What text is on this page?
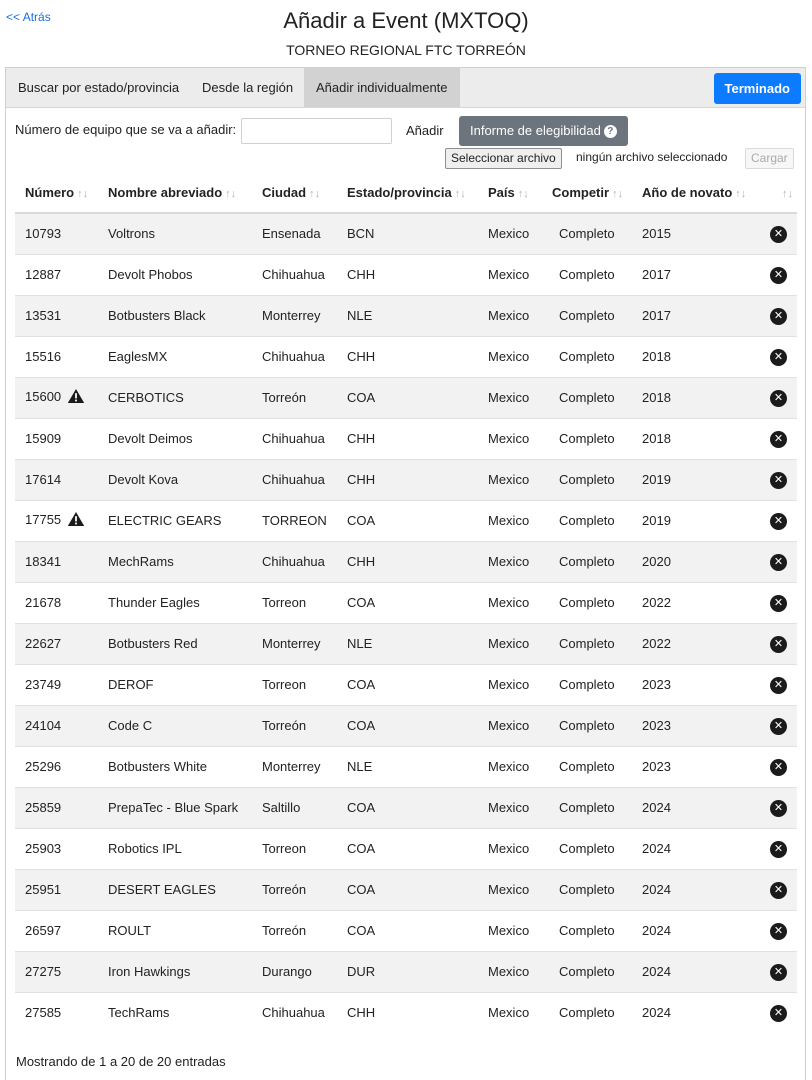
<< Atrás	Añadir a Event (MXTOQ)
TORNEO REGIONAL FTC TORREÓN
Buscar por estado/provincia	Desde la región	Añadir individualmente	Terminado
Número de equipo que se va a añadir:	Añadir	Informe de elegibilidad ?
Seleccionar archivo	ningún archivo seleccionado	Cargar
Número ↑↓	Nombre abreviado ↑↓	Ciudad ↑↓	Estado/provincia ↑↓	País ↑↓	Competir ↑↓	Año de novato ↑↓	↑↓
10793	Voltrons	Ensenada	BCN	Mexico	Completo	2015	✕
12887	Devolt Phobos	Chihuahua	CHH	Mexico	Completo	2017	✕
13531	Botbusters Black	Monterrey	NLE	Mexico	Completo	2017	✕
15516	EaglesMX	Chihuahua	CHH	Mexico	Completo	2018	✕
15600	CERBOTICS	Torreón	COA	Mexico	Completo	2018	✕
15909	Devolt Deimos	Chihuahua	CHH	Mexico	Completo	2018	✕
17614	Devolt Kova	Chihuahua	CHH	Mexico	Completo	2019	✕
17755	ELECTRIC GEARS	TORREON	COA	Mexico	Completo	2019	✕
18341	MechRams	Chihuahua	CHH	Mexico	Completo	2020	✕
21678	Thunder Eagles	Torreon	COA	Mexico	Completo	2022	✕
22627	Botbusters Red	Monterrey	NLE	Mexico	Completo	2022	✕
23749	DEROF	Torreon	COA	Mexico	Completo	2023	✕
24104	Code C	Torreón	COA	Mexico	Completo	2023	✕
25296	Botbusters White	Monterrey	NLE	Mexico	Completo	2023	✕
25859	PrepaTec - Blue Spark	Saltillo	COA	Mexico	Completo	2024	✕
25903	Robotics IPL	Torreon	COA	Mexico	Completo	2024	✕
25951	DESERT EAGLES	Torreón	COA	Mexico	Completo	2024	✕
26597	ROULT	Torreón	COA	Mexico	Completo	2024	✕
27275	Iron Hawkings	Durango	DUR	Mexico	Completo	2024	✕
27585	TechRams	Chihuahua	CHH	Mexico	Completo	2024	✕
Mostrando de 1 a 20 de 20 entradas
